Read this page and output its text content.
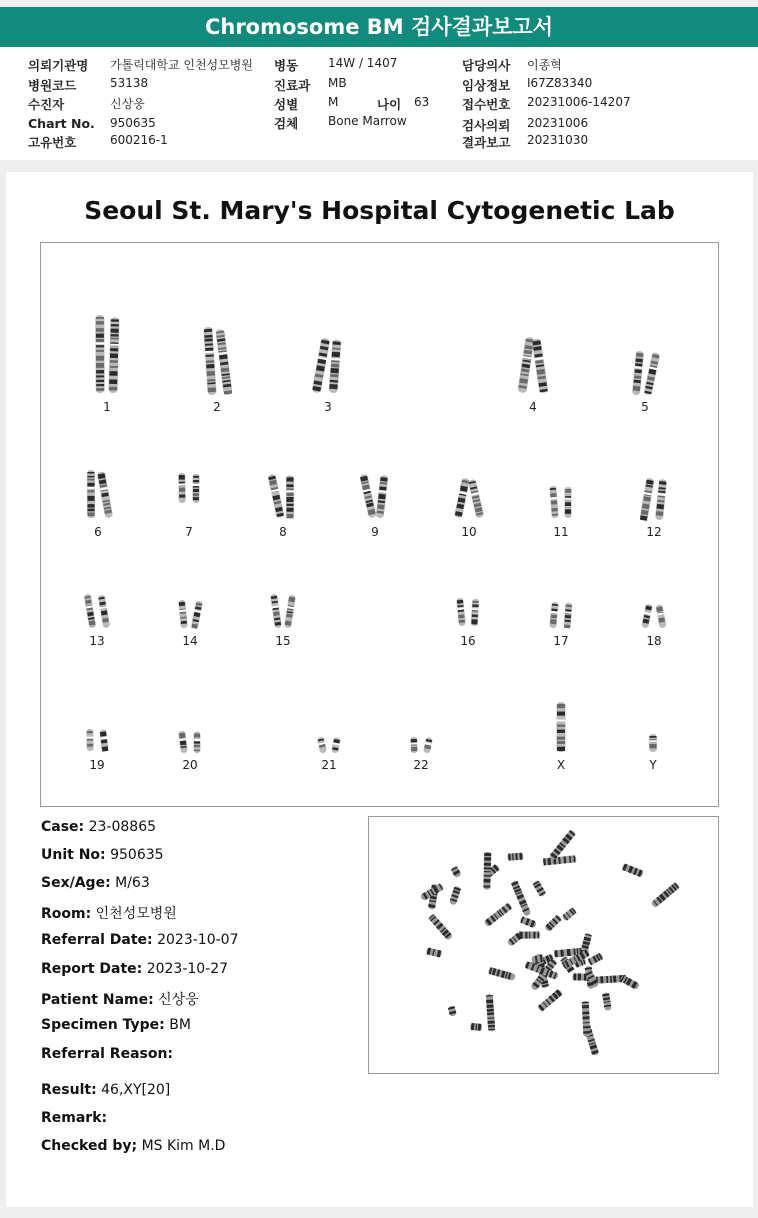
Chromosome BM 검사결과보고서
의뢰기관명 가톨릭대학교 인천성모병원
병원코드	53138
수진자	신상웅
Chart No. 950635
고유번호	600216-1
병동 14W / 1407
진료과 MB
성별 M	나이 63
검체 Bone Marrow
담당의사 이종혁
임상정보 I67Z83340
접수번호 20231006-14207
검사의뢰 20231006
결과보고 20231030
Seoul St. Mary's Hospital Cytogenetic Lab
1	2	3	4	5
6	7	8	9	10	11	12
13	14	15	16	17	18
19	20	21	22	X	Y
Case: 23-08865
Unit No: 950635
Sex/Age: M/63
Room: 인천성모병원
Referral Date: 2023-10-07
Report Date: 2023-10-27
Patient Name: 신상웅
Specimen Type: BM
Referral Reason:
Result: 46,XY[20]
Remark:
Checked by; MS Kim M.D
